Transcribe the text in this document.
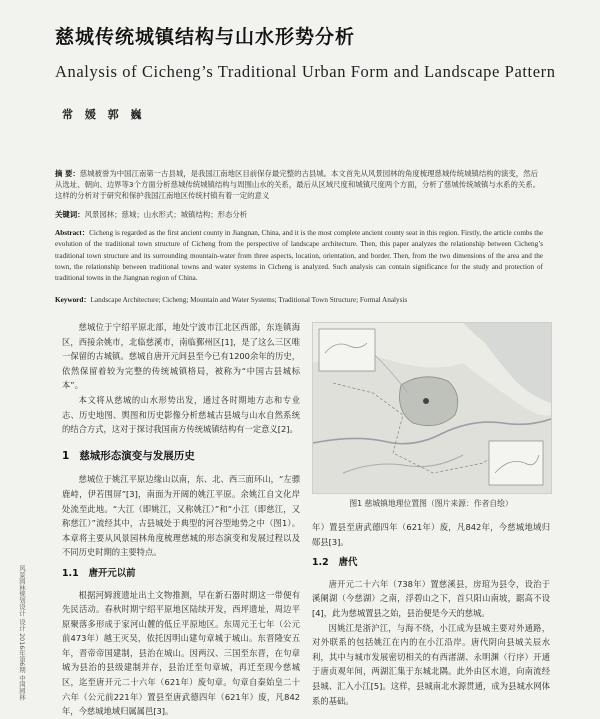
慈城传统城镇结构与山水形势分析
Analysis of Cicheng’s Traditional Urban Form and Landscape Pattern
常 媛 郭 巍
摘 要：慈城被誉为中国江南第一古县城，是我国江南地区目前保存最完整的古县城。本文首先从风景园林的角度梳理慈城传统城镇结构的演变，然后从选址、朝向、边界等3个方面分析慈城传统城镇结构与周围山水的关系，最后从区域尺度和城镇尺度两个方面，分析了慈城传统城镇与水系的关系。这样的分析对于研究和保护我国江南地区传统村镇有着一定的意义
关键词：风景园林；慈城；山水形式；城镇结构；形态分析
Abstract：Cicheng is regarded as the first ancient county in Jiangnan, China, and it is the most complete ancient county seat in this region. Firstly, the article combs the evolution of the traditional town structure of Cicheng from the perspective of landscape architecture. Then, this paper analyzes the relationship between Cicheng’s traditional town structure and its surrounding mountain-water from three aspects, location, orientation, and border. Then, from the two dimensions of the area and the town, the relationship between traditional towns and water systems in Cicheng is analyzed. Such analysis can contain significance for the study and protection of traditional towns in the Jiangnan region of China.
Keyword：Landscape Architecture; Cicheng; Mountain and Water Systems; Traditional Town Structure; Formal Analysis

慈城位于宁绍平原北部，地处宁波市江北区西部，东连镇海区，西接余姚市，北临慈溪市，南临鄞州区[1]，是了这么三区唯一保留的古城镇。慈城自唐开元间县至今已有1200余年的历史，依然保留着较为完整的传统城镇格局，被称为“中国古县城标本”。

本文将从慈城的山水形势出发，通过各时期地方志和专业志、历史地图、舆图和历史影像分析慈城古县城与山水自然系统的结合方式，这对于探讨我国南方传统城镇结构有一定意义[2]。

1 慈城形态演变与发展历史

慈城位于姚江平原边缘山以南，东、北、西三面环山，“左骠鹿峙，伊若围屏”[3]，南面为开阔的姚江平原。余姚江自文化岸处流至此地。“大江（即姚江，又称姚江）”和“小江（即慈江，又称慈江）”流经其中，古县城处于典型的河谷型地势之中（图1）。本章将主要从风景园林角度梳理慈城的形态演变和发展过程以及不同历史时期的主要特点。

1.1 唐开元以前

根据河姆渡遗址出土文物推测，早在新石器时期这一带便有先民活动。春秋时期宁绍平原地区陆续开发，西坪遗址，周边平原聚落多形成于家河山麓的低丘平原地区。东周元王七年（公元前473年）越王灭吴，依托因明山建句章城于城山。东晋隆安五年，晋帝帝国建制，县治在城山。因两汉、三国至东晋，在句章城为县治的县级建制并存，县治迁至句章城，再迁至现今慈城区，迄至唐开元二十六年（621年）废句章。句章自秦始皇二十六年（公元前221年）置县至唐武德四年（621年）废，凡842年，今慈城地域归属属邑[3]。

图1 慈城镇地理位置图（图片来源：作者自绘）

年）置县至唐武德四年（621年）废，凡842年，今慈城地域归郧县[3]。

1.2 唐代

唐开元二十六年（738年）置慈溪县，房琯为县令，设治于溪阑湖（今慈湖）之南，浮碧山之下，首只阳山南坡，踞高不设[4]，此为慈城置县之始，县治便是今天的慈城。

因姚江是浙沪江，与海不绕，小江成为县城主要对外通路，对外联系的包括姚江在内的在小江沿岸。唐代阴向县城关辰水利，其中与城市发展密切相关的有西渚湖、永明渊（行序）开通于唐贞观年间，两湖汇集于东城北隅。此外由区水道，向南流经县城、汇入小江[5]。这样，县城南北水源贯通，成为县城水网体系的基础。

风景园林规划设计 设计 2016年第6期 中国园林
